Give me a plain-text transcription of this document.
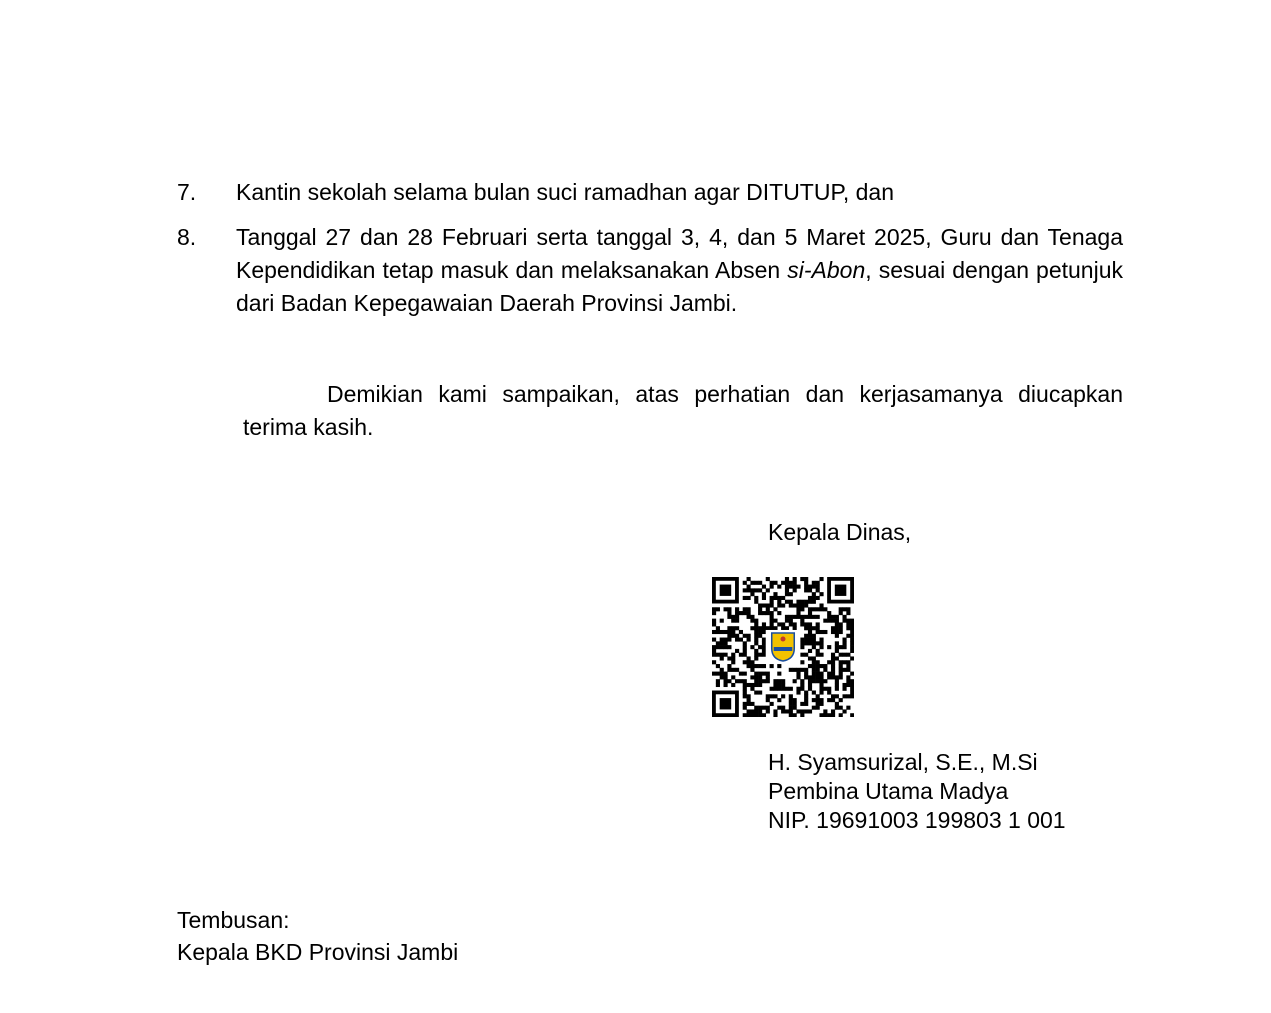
7. Kantin sekolah selama bulan suci ramadhan agar DITUTUP, dan
8. Tanggal 27 dan 28 Februari serta tanggal 3, 4, dan 5 Maret 2025, Guru dan Tenaga Kependidikan tetap masuk dan melaksanakan Absen si-Abon, sesuai dengan petunjuk dari Badan Kepegawaian Daerah Provinsi Jambi.

Demikian kami sampaikan, atas perhatian dan kerjasamanya diucapkan terima kasih.

Kepala Dinas,
H. Syamsurizal, S.E., M.Si
Pembina Utama Madya
NIP. 19691003 199803 1 001
Tembusan:
Kepala BKD Provinsi Jambi
